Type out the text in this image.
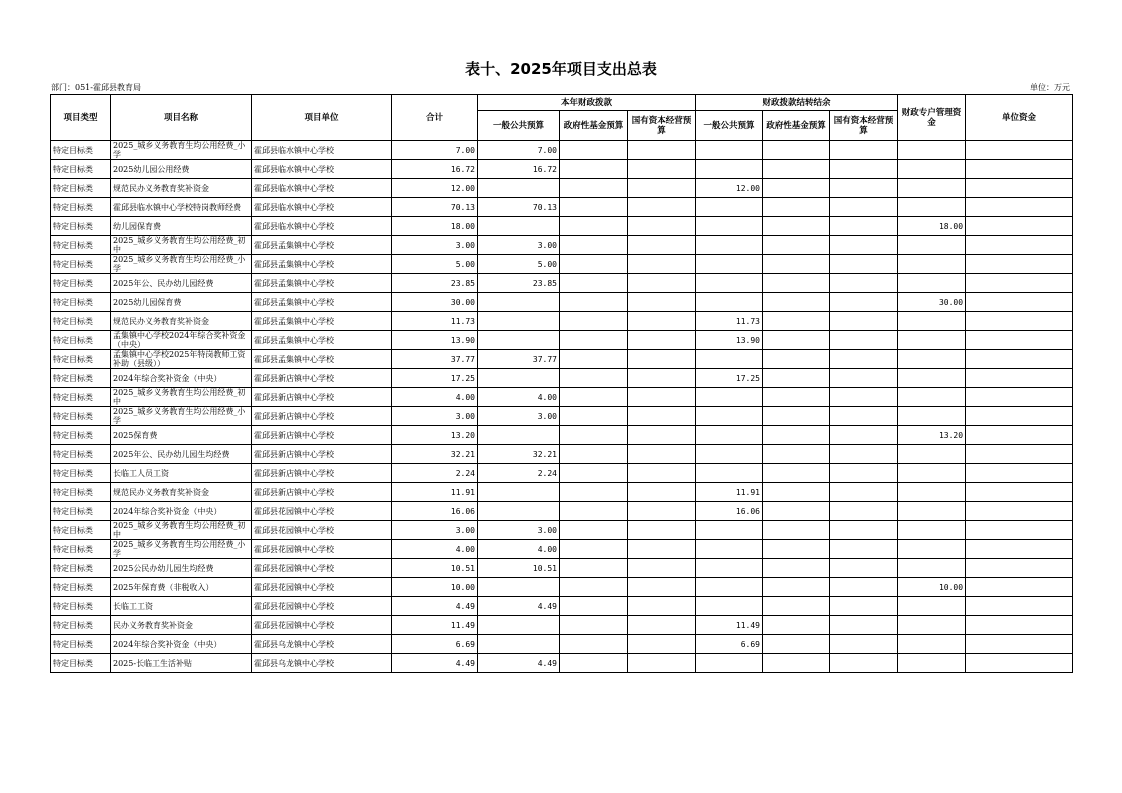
表十、2025年项目支出总表
部门：051-霍邱县教育局	单位：万元
项目类型	项目名称	项目单位	合计	本年财政拨款			财政拨款结转结余			财政专户管理资金	单位资金
				一般公共预算	政府性基金预算	国有资本经营预算	一般公共预算	政府性基金预算	国有资本经营预算		
特定目标类	2025_城乡义务教育生均公用经费_小学	霍邱县临水镇中心学校	7.00	7.00							
特定目标类	2025幼儿园公用经费	霍邱县临水镇中心学校	16.72	16.72							
特定目标类	规范民办义务教育奖补资金	霍邱县临水镇中心学校	12.00				12.00				
特定目标类	霍邱县临水镇中心学校特岗教师经费	霍邱县临水镇中心学校	70.13	70.13							
特定目标类	幼儿园保育费	霍邱县临水镇中心学校	18.00							18.00	
特定目标类	2025_城乡义务教育生均公用经费_初中	霍邱县孟集镇中心学校	3.00	3.00							
特定目标类	2025_城乡义务教育生均公用经费_小学	霍邱县孟集镇中心学校	5.00	5.00							
特定目标类	2025年公、民办幼儿园经费	霍邱县孟集镇中心学校	23.85	23.85							
特定目标类	2025幼儿园保育费	霍邱县孟集镇中心学校	30.00							30.00	
特定目标类	规范民办义务教育奖补资金	霍邱县孟集镇中心学校	11.73				11.73				
特定目标类	孟集镇中心学校2024年综合奖补资金（中央）	霍邱县孟集镇中心学校	13.90				13.90				
特定目标类	孟集镇中心学校2025年特岗教师工资补助（县级））	霍邱县孟集镇中心学校	37.77	37.77							
特定目标类	2024年综合奖补资金（中央）	霍邱县新店镇中心学校	17.25				17.25				
特定目标类	2025_城乡义务教育生均公用经费_初中	霍邱县新店镇中心学校	4.00	4.00							
特定目标类	2025_城乡义务教育生均公用经费_小学	霍邱县新店镇中心学校	3.00	3.00							
特定目标类	2025保育费	霍邱县新店镇中心学校	13.20							13.20	
特定目标类	2025年公、民办幼儿园生均经费	霍邱县新店镇中心学校	32.21	32.21							
特定目标类	长临工人员工资	霍邱县新店镇中心学校	2.24	2.24							
特定目标类	规范民办义务教育奖补资金	霍邱县新店镇中心学校	11.91				11.91				
特定目标类	2024年综合奖补资金（中央）	霍邱县花园镇中心学校	16.06				16.06				
特定目标类	2025_城乡义务教育生均公用经费_初中	霍邱县花园镇中心学校	3.00	3.00							
特定目标类	2025_城乡义务教育生均公用经费_小学	霍邱县花园镇中心学校	4.00	4.00							
特定目标类	2025公民办幼儿园生均经费	霍邱县花园镇中心学校	10.51	10.51							
特定目标类	2025年保育费（非税收入）	霍邱县花园镇中心学校	10.00							10.00	
特定目标类	长临工工资	霍邱县花园镇中心学校	4.49	4.49							
特定目标类	民办义务教育奖补资金	霍邱县花园镇中心学校	11.49				11.49				
特定目标类	2024年综合奖补资金（中央）	霍邱县乌龙镇中心学校	6.69				6.69				
特定目标类	2025-长临工生活补贴	霍邱县乌龙镇中心学校	4.49	4.49							
